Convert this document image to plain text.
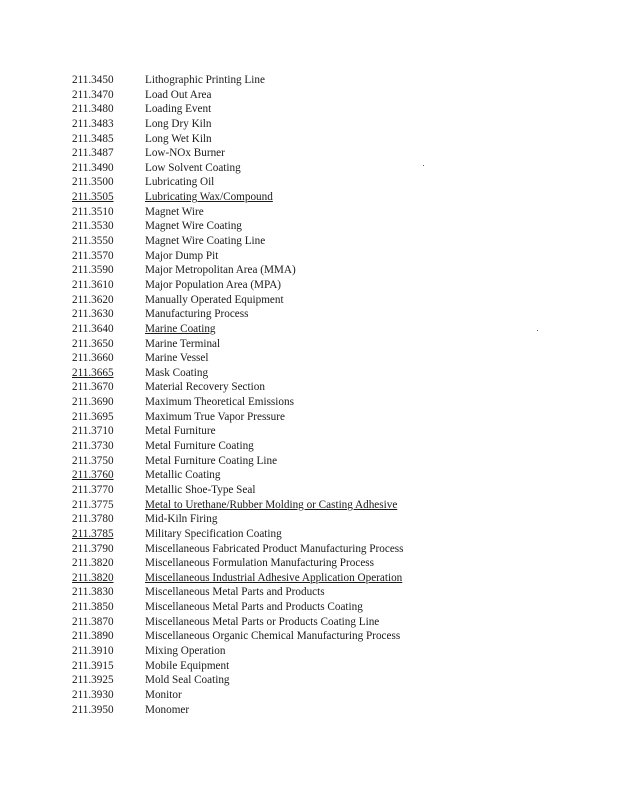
211.3450	Lithographic Printing Line
211.3470	Load Out Area
211.3480	Loading Event
211.3483	Long Dry Kiln
211.3485	Long Wet Kiln
211.3487	Low-NOx Burner
211.3490	Low Solvent Coating
211.3500	Lubricating Oil
211.3505	Lubricating Wax/Compound
211.3510	Magnet Wire
211.3530	Magnet Wire Coating
211.3550	Magnet Wire Coating Line
211.3570	Major Dump Pit
211.3590	Major Metropolitan Area (MMA)
211.3610	Major Population Area (MPA)
211.3620	Manually Operated Equipment
211.3630	Manufacturing Process
211.3640	Marine Coating
211.3650	Marine Terminal
211.3660	Marine Vessel
211.3665	Mask Coating
211.3670	Material Recovery Section
211.3690	Maximum Theoretical Emissions
211.3695	Maximum True Vapor Pressure
211.3710	Metal Furniture
211.3730	Metal Furniture Coating
211.3750	Metal Furniture Coating Line
211.3760	Metallic Coating
211.3770	Metallic Shoe-Type Seal
211.3775	Metal to Urethane/Rubber Molding or Casting Adhesive
211.3780	Mid-Kiln Firing
211.3785	Military Specification Coating
211.3790	Miscellaneous Fabricated Product Manufacturing Process
211.3820	Miscellaneous Formulation Manufacturing Process
211.3820	Miscellaneous Industrial Adhesive Application Operation
211.3830	Miscellaneous Metal Parts and Products
211.3850	Miscellaneous Metal Parts and Products Coating
211.3870	Miscellaneous Metal Parts or Products Coating Line
211.3890	Miscellaneous Organic Chemical Manufacturing Process
211.3910	Mixing Operation
211.3915	Mobile Equipment
211.3925	Mold Seal Coating
211.3930	Monitor
211.3950	Monomer
